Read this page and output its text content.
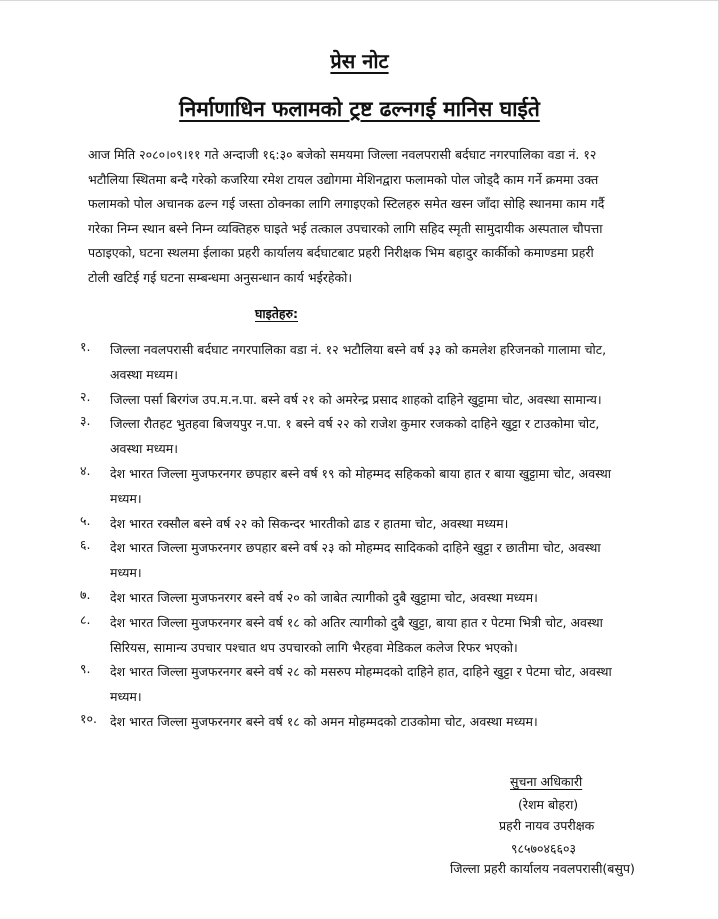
प्रेस नोट
निर्माणाधिन फलामको ट्रष्ट ढल्नगई मानिस घाईते
आज मिति २०८०।०९।११ गते अन्दाजी १६:३० बजेको समयमा जिल्ला नवलपरासी बर्दघाट नगरपालिका वडा नं. १२
भटौलिया स्थितमा बन्दै गरेको कजरिया रमेश टायल उद्योगमा मेशिनद्वारा फलामको पोल जोड्दै काम गर्ने क्रममा उक्त
फलामको पोल अचानक ढल्न गई जस्ता ठोक्नका लागि लगाइएको स्टिलहरु समेत खस्न जाँदा सोहि स्थानमा काम गर्दै
गरेका निम्न स्थान बस्ने निम्न व्यक्तिहरु घाइते भई तत्काल उपचारको लागि सहिद स्मृती सामुदायीक अस्पताल चौपत्ता
पठाइएको, घटना स्थलमा ईलाका प्रहरी कार्यालय बर्दघाटबाट प्रहरी निरीक्षक भिम बहादुर कार्कीको कमाण्डमा प्रहरी
टोली खटिई गई घटना सम्बन्धमा अनुसन्धान कार्य भईरहेको।
घाइतेहरु:
१. जिल्ला नवलपरासी बर्दघाट नगरपालिका वडा नं. १२ भटौलिया बस्ने वर्ष ३३ को कमलेश हरिजनको गालामा चोट,
अवस्था मध्यम।
२. जिल्ला पर्सा बिरगंज उप.म.न.पा. बस्ने वर्ष २१ को अमरेन्द्र प्रसाद शाहको दाहिने खुट्टामा चोट, अवस्था सामान्य।
३. जिल्ला रौतहट भुतहवा बिजयपुर न.पा. १ बस्ने वर्ष २२ को राजेश कुमार रजकको दाहिने खुट्टा र टाउकोमा चोट,
अवस्था मध्यम।
४. देश भारत जिल्ला मुजफरनगर छपहार बस्ने वर्ष १९ को मोहम्मद सहिकको बाया हात र बाया खुट्टामा चोट, अवस्था
मध्यम।
५. देश भारत रक्सौल बस्ने वर्ष २२ को सिकन्दर भारतीको ढाड र हातमा चोट, अवस्था मध्यम।
६. देश भारत जिल्ला मुजफरनगर छपहार बस्ने वर्ष २३ को मोहम्मद सादिकको दाहिने खुट्टा र छातीमा चोट, अवस्था
मध्यम।
७. देश भारत जिल्ला मुजफनरगर बस्ने वर्ष २० को जाबेत त्यागीको दुबै खुट्टामा चोट, अवस्था मध्यम।
८. देश भारत जिल्ला मुजफरनगर बस्ने वर्ष १८ को अतिर त्यागीको दुबै खुट्टा, बाया हात र पेटमा भित्री चोट, अवस्था
सिरियस, सामान्य उपचार पश्चात थप उपचारको लागि भैरहवा मेडिकल कलेज रिफर भएको।
९. देश भारत जिल्ला मुजफरनगर बस्ने वर्ष २८ को मसरुप मोहम्मदको दाहिने हात, दाहिने खुट्टा र पेटमा चोट, अवस्था
मध्यम।
१०. देश भारत जिल्ला मुजफरनगर बस्ने वर्ष १८ को अमन मोहम्मदको टाउकोमा चोट, अवस्था मध्यम।
सुचना अधिकारी
(रेशम बोहरा)
प्रहरी नायव उपरीक्षक
९८५७०४६६०३
जिल्ला प्रहरी कार्यालय नवलपरासी(बसुप)
